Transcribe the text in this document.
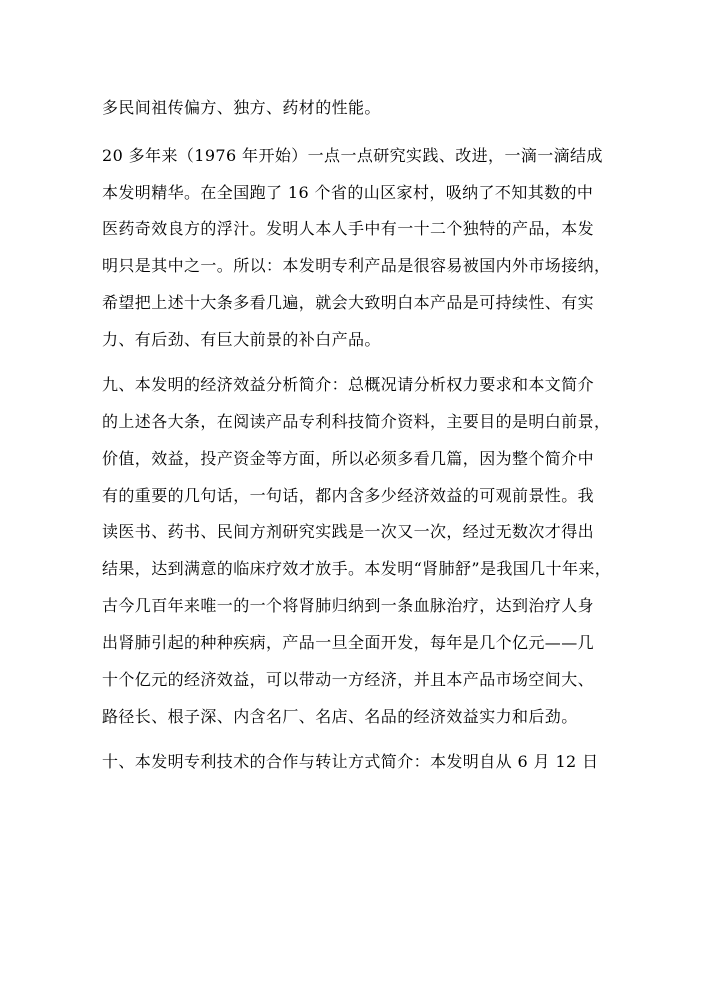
多民间祖传偏方、独方、药材的性能。
20 多年来（1976 年开始）一点一点研究实践、改进，一滴一滴结成
本发明精华。在全国跑了 16 个省的山区家村，吸纳了不知其数的中
医药奇效良方的浮汁。发明人本人手中有一十二个独特的产品，本发
明只是其中之一。所以：本发明专利产品是很容易被国内外市场接纳，
希望把上述十大条多看几遍，就会大致明白本产品是可持续性、有实
力、有后劲、有巨大前景的补白产品。
九、本发明的经济效益分析简介：总概况请分析权力要求和本文简介
的上述各大条，在阅读产品专利科技简介资料，主要目的是明白前景，
价值，效益，投产资金等方面，所以必须多看几篇，因为整个简介中
有的重要的几句话，一句话，都内含多少经济效益的可观前景性。我
读医书、药书、民间方剂研究实践是一次又一次，经过无数次才得出
结果，达到满意的临床疗效才放手。本发明“肾肺舒”是我国几十年来，
古今几百年来唯一的一个将肾肺归纳到一条血脉治疗，达到治疗人身
出肾肺引起的种种疾病，产品一旦全面开发，每年是几个亿元——几
十个亿元的经济效益，可以带动一方经济，并且本产品市场空间大、
路径长、根子深、内含名厂、名店、名品的经济效益实力和后劲。
十、本发明专利技术的合作与转让方式简介：本发明自从 6 月 12 日
